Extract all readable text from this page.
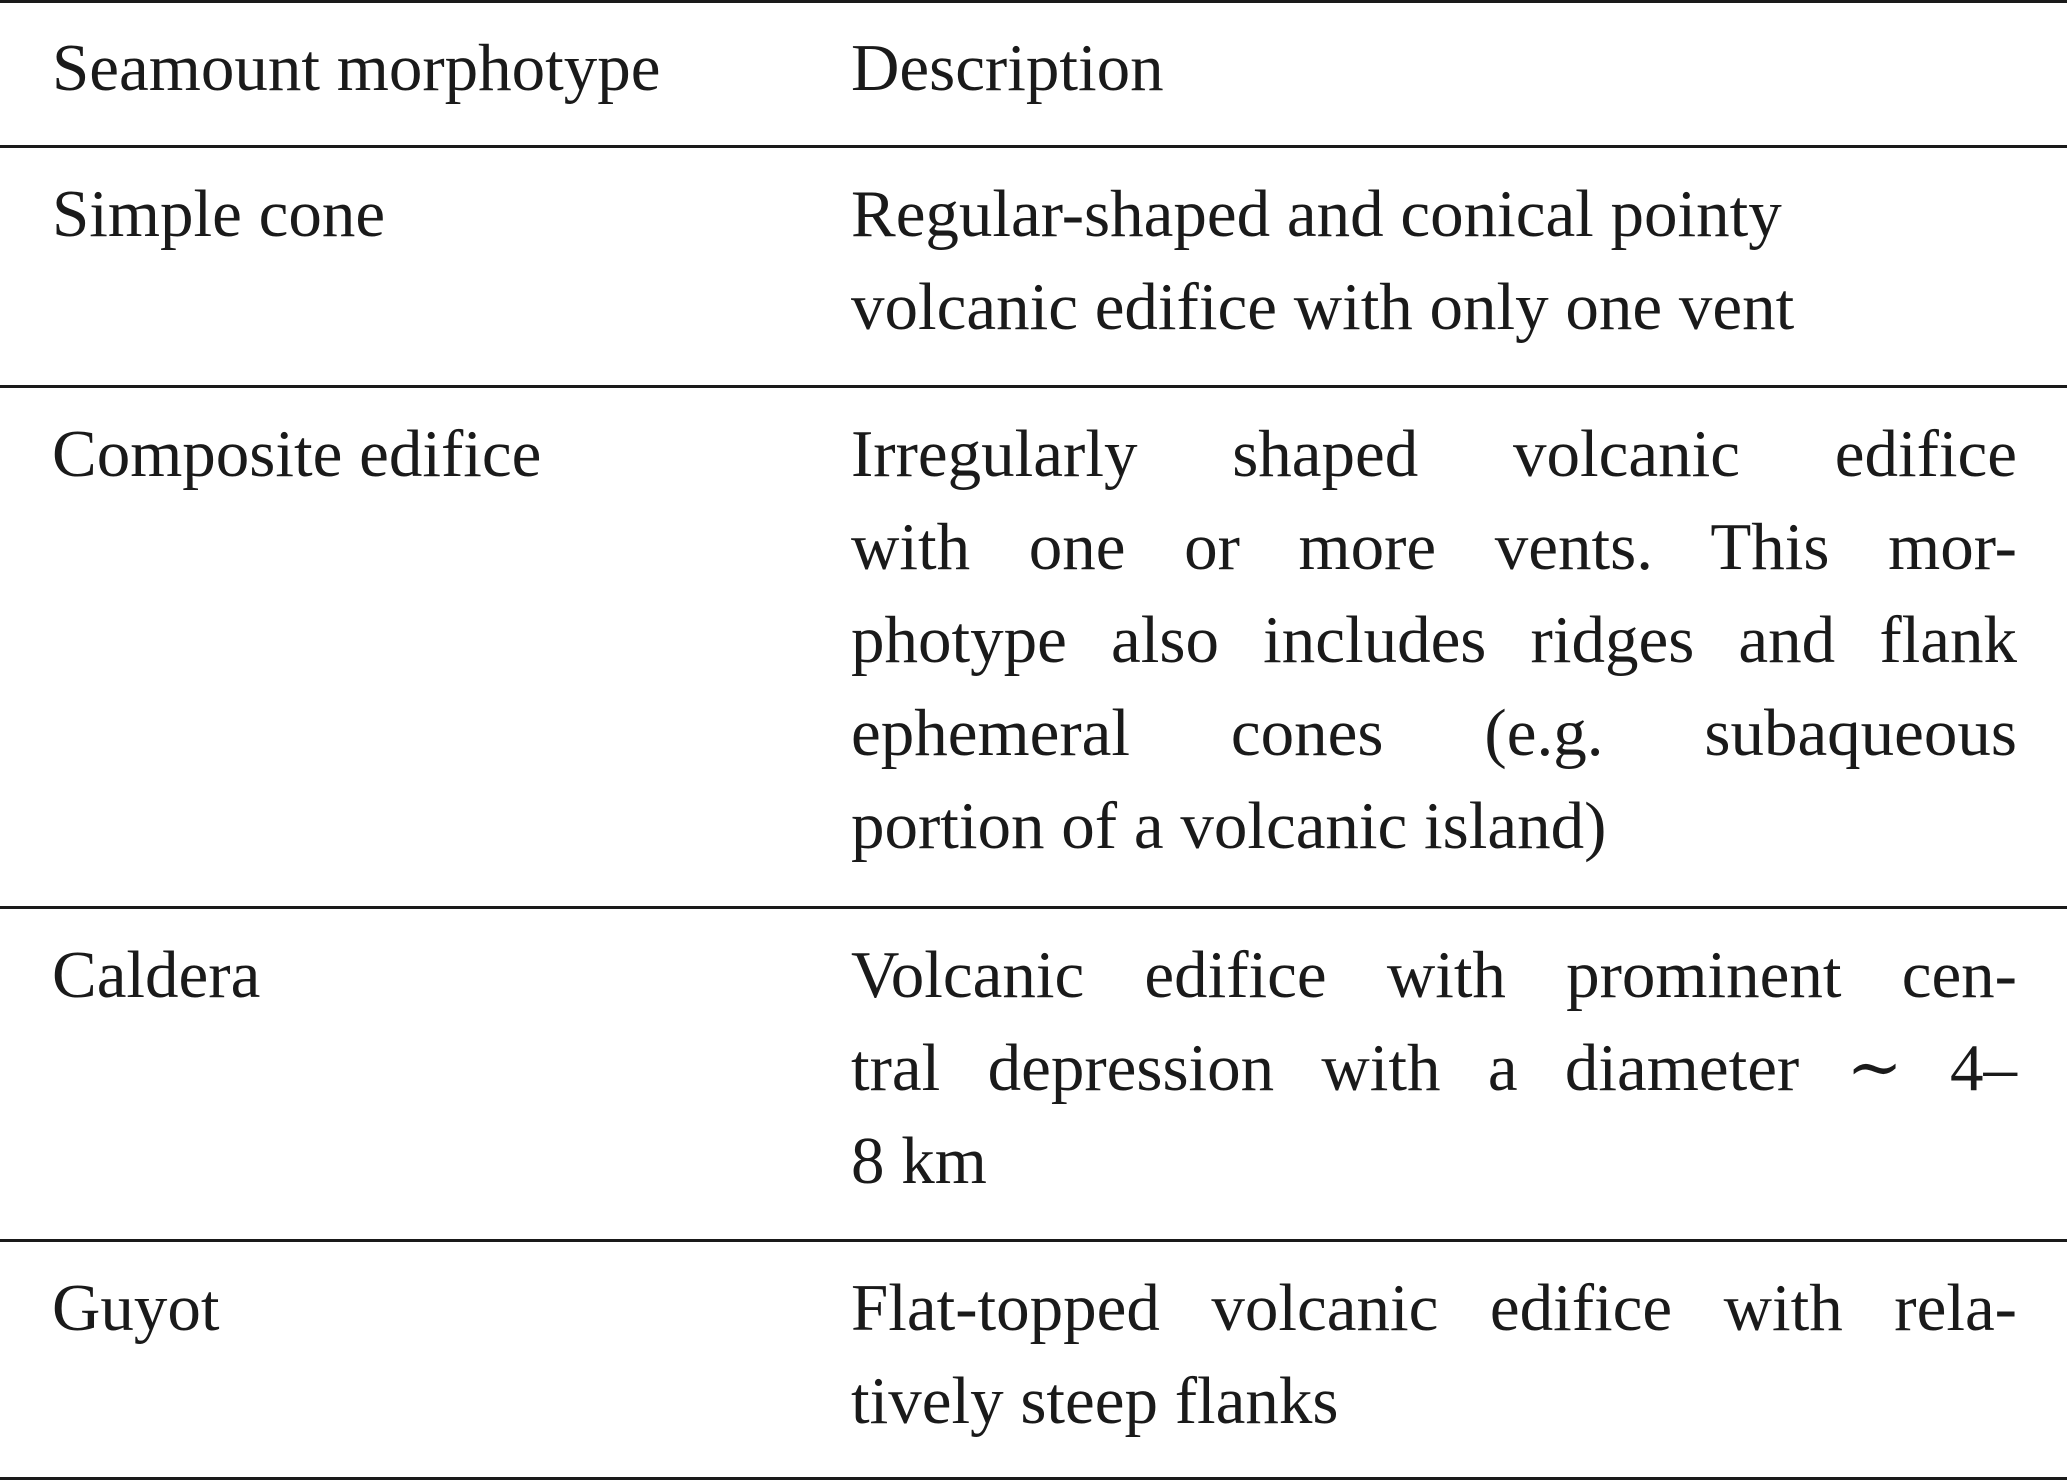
Seamount morphotype	Description
Simple cone	Regular-shaped and conical pointy
volcanic edifice with only one vent
Composite edifice	Irregularly shaped volcanic edifice
with one or more vents. This mor-
photype also includes ridges and flank
ephemeral cones (e.g. subaqueous
portion of a volcanic island)
Caldera	Volcanic edifice with prominent cen-
tral depression with a diameter ∼ 4–
8 km
Guyot	Flat-topped volcanic edifice with rela-
tively steep flanks
